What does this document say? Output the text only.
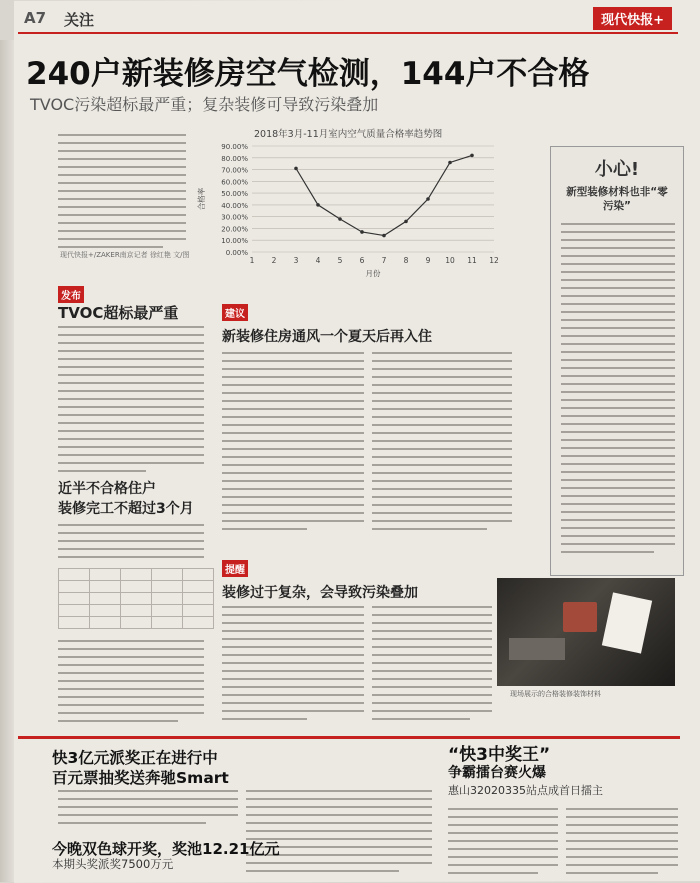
A7 关注	现代快报+
240户新装修房空气检测，144户不合格
TVOC污染超标最严重；复杂装修可导致污染叠加
现代快报+/ZAKER南京记者 徐红艳 文/图
2018年3月-11月室内空气质量合格率趋势图
0.00%
10.00%
20.00%
30.00%
40.00%
50.00%
60.00%
70.00%
80.00%
90.00%
1 2 3 4 5 6 7 8 9 10 11 12
月份
合格率
发布
TVOC超标最严重
近半不合格住户
装修完工不超过3个月

建议
新装修住房通风一个夏天后再入住
提醒
装修过于复杂，会导致污染叠加
小心!
新型装修材料也非“零污染”
现场展示的合格装修装饰材料
快3亿元派奖正在进行中
百元票抽奖送奔驰Smart
今晚双色球开奖，奖池12.21亿元
本期头奖派奖7500万元
“快3中奖王”
争霸擂台赛火爆
惠山32020335站点成首日擂主
